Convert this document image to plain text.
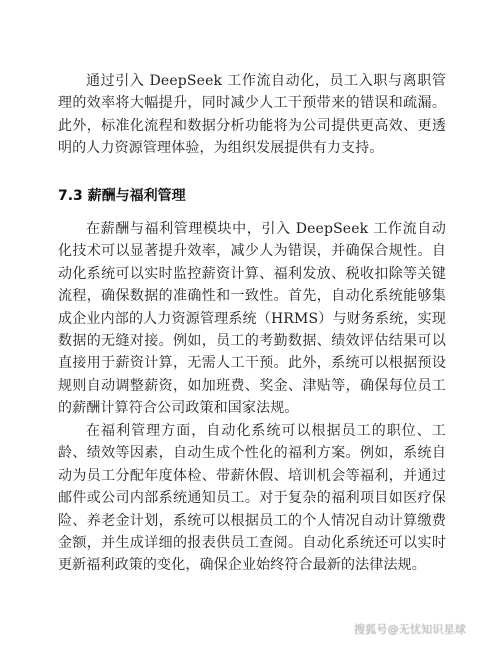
通过引入 DeepSeek 工作流自动化，员工入职与离职管理的效率将大幅提升，同时减少人工干预带来的错误和疏漏。此外，标准化流程和数据分析功能将为公司提供更高效、更透明的人力资源管理体验，为组织发展提供有力支持。

7.3 薪酬与福利管理

在薪酬与福利管理模块中，引入 DeepSeek 工作流自动化技术可以显著提升效率，减少人为错误，并确保合规性。自动化系统可以实时监控薪资计算、福利发放、税收扣除等关键流程，确保数据的准确性和一致性。首先，自动化系统能够集成企业内部的人力资源管理系统（HRMS）与财务系统，实现数据的无缝对接。例如，员工的考勤数据、绩效评估结果可以直接用于薪资计算，无需人工干预。此外，系统可以根据预设规则自动调整薪资，如加班费、奖金、津贴等，确保每位员工的薪酬计算符合公司政策和国家法规。

在福利管理方面，自动化系统可以根据员工的职位、工龄、绩效等因素，自动生成个性化的福利方案。例如，系统自动为员工分配年度体检、带薪休假、培训机会等福利，并通过邮件或公司内部系统通知员工。对于复杂的福利项目如医疗保险、养老金计划，系统可以根据员工的个人情况自动计算缴费金额，并生成详细的报表供员工查阅。自动化系统还可以实时更新福利政策的变化，确保企业始终符合最新的法律法规。

搜狐号@无忧知识星球
